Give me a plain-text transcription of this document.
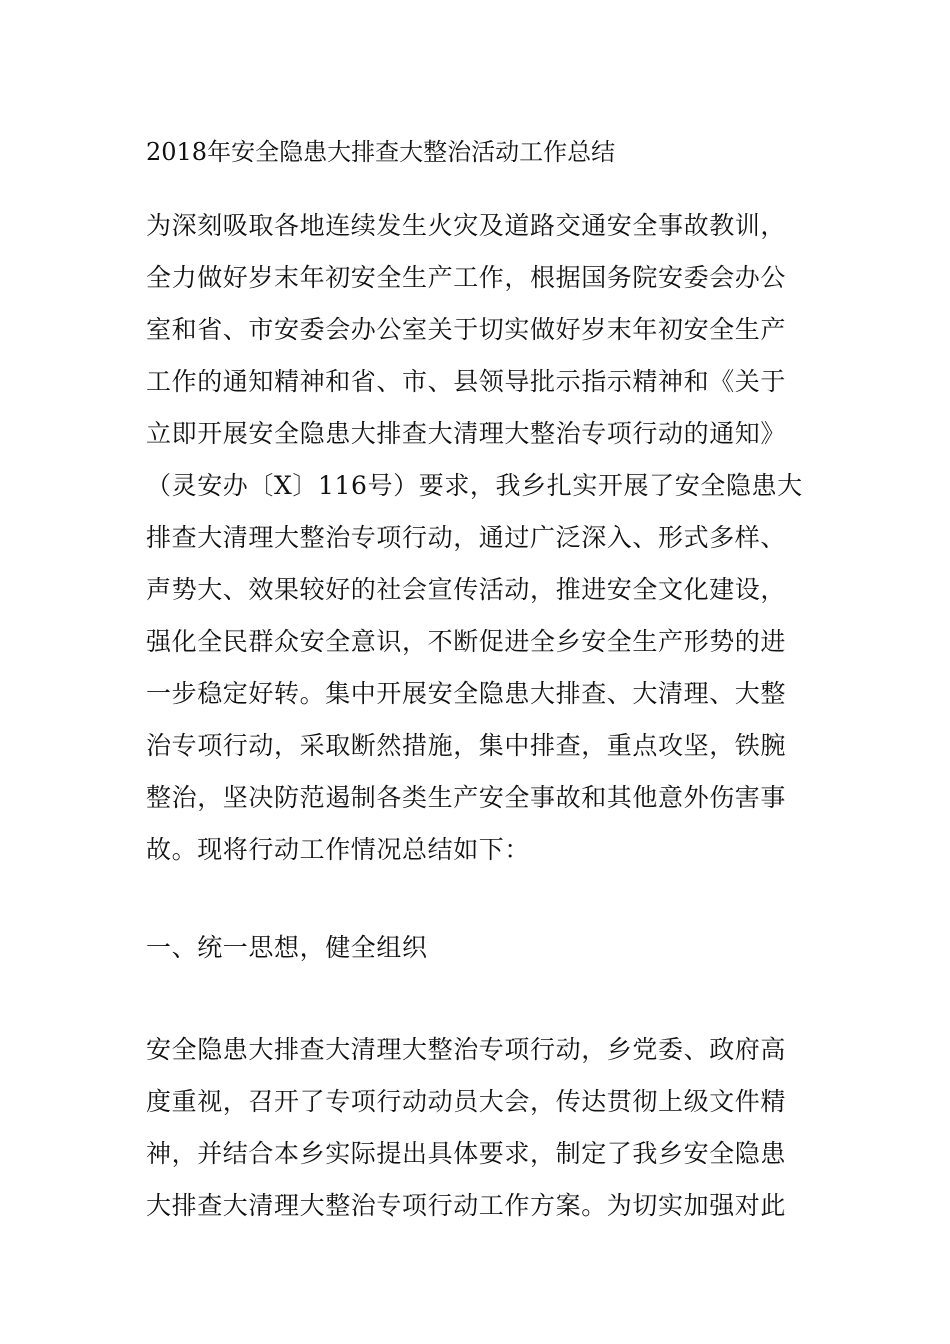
2018年安全隐患大排查大整治活动工作总结
为深刻吸取各地连续发生火灾及道路交通安全事故教训，
全力做好岁末年初安全生产工作，根据国务院安委会办公
室和省、市安委会办公室关于切实做好岁末年初安全生产
工作的通知精神和省、市、县领导批示指示精神和《关于
立即开展安全隐患大排查大清理大整治专项行动的通知》
（灵安办〔X〕116号）要求，我乡扎实开展了安全隐患大
排查大清理大整治专项行动，通过广泛深入、形式多样、
声势大、效果较好的社会宣传活动，推进安全文化建设，
强化全民群众安全意识，不断促进全乡安全生产形势的进
一步稳定好转。集中开展安全隐患大排查、大清理、大整
治专项行动，采取断然措施，集中排查，重点攻坚，铁腕
整治，坚决防范遏制各类生产安全事故和其他意外伤害事
故。现将行动工作情况总结如下：
一、统一思想，健全组织
安全隐患大排查大清理大整治专项行动，乡党委、政府高
度重视，召开了专项行动动员大会，传达贯彻上级文件精
神，并结合本乡实际提出具体要求，制定了我乡安全隐患
大排查大清理大整治专项行动工作方案。为切实加强对此
